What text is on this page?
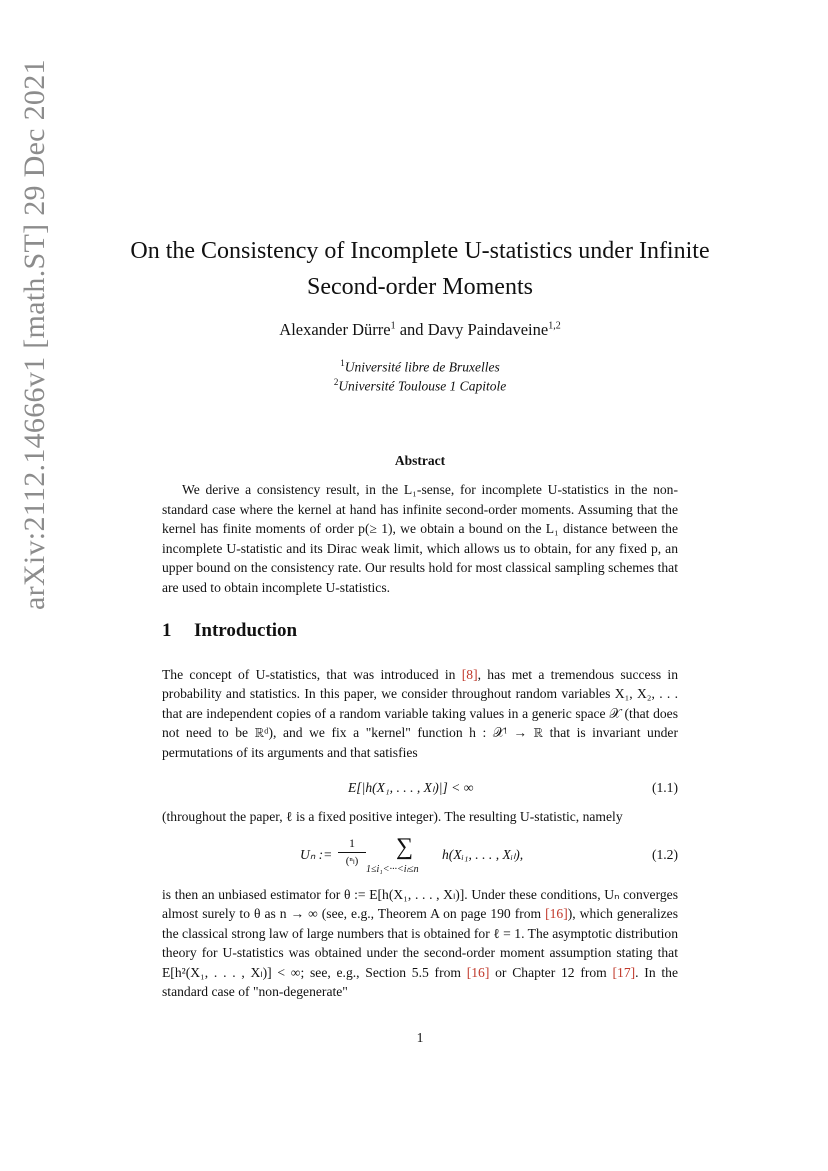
arXiv:2112.14666v1 [math.ST] 29 Dec 2021	On the Consistency of Incomplete U-statistics under Infinite
Second-order Moments
Alexander Dürre$^1$ and Davy Paindaveine$^{1,2}$
$^1$Université libre de Bruxelles
$^2$Université Toulouse 1 Capitole
Abstract
We derive a consistency result, in the L₁-sense, for incomplete U-statistics in the non-standard case where the kernel at hand has infinite second-order moments. Assuming that the kernel has finite moments of order p(≥ 1), we obtain a bound on the L₁ distance between the incomplete U-statistic and its Dirac weak limit, which allows us to obtain, for any fixed p, an upper bound on the consistency rate. Our results hold for most classical sampling schemes that are used to obtain incomplete U-statistics.
1 Introduction
The concept of U-statistics, that was introduced in [8], has met a tremendous success in probability and statistics. In this paper, we consider throughout random variables X₁, X₂, . . . that are independent copies of a random variable taking values in a generic space 𝒳 (that does not need to be ℝᵈ), and we fix a "kernel" function h : 𝒳ˡ → ℝ that is invariant under permutations of its arguments and that satisfies
E[|h(X₁, . . . , Xₗ)|] < ∞	(1.1)
(throughout the paper, ℓ is a fixed positive integer). The resulting U-statistic, namely
Uₙ :=
1
(ⁿₗ)
∑
1≤i₁<···<iₗ≤n
h(Xᵢ₁, . . . , Xᵢₗ),	(1.2)
is then an unbiased estimator for θ := E[h(X₁, . . . , Xₗ)]. Under these conditions, Uₙ converges almost surely to θ as n → ∞ (see, e.g., Theorem A on page 190 from [16]), which generalizes the classical strong law of large numbers that is obtained for ℓ = 1. The asymptotic distribution theory for U-statistics was obtained under the second-order moment assumption stating that E[h²(X₁, . . . , Xₗ)] < ∞; see, e.g., Section 5.5 from [16] or Chapter 12 from [17]. In the standard case of "non-degenerate"
1
